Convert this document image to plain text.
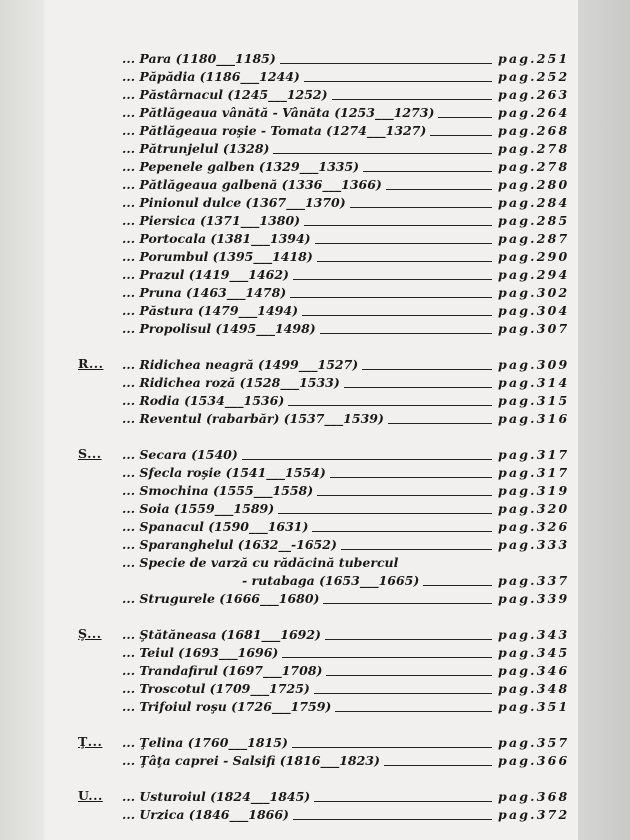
... Para (1180___1185)	pag.251
... Păpădia (1186___1244)	pag.252
... Păstârnacul (1245___1252)	pag.263
... Pătlăgeaua vânătă - Vânăta (1253___1273)	pag.264
... Pătlăgeaua roşie - Tomata (1274___1327)	pag.268
... Pătrunjelul (1328)	pag.278
... Pepenele galben (1329___1335)	pag.278
... Pătlăgeaua galbenă (1336___1366)	pag.280
... Pinionul dulce (1367___1370)	pag.284
... Piersica (1371___1380)	pag.285
... Portocala (1381___1394)	pag.287
... Porumbul (1395___1418)	pag.290
... Prazul (1419___1462)	pag.294
... Pruna (1463___1478)	pag.302
... Păstura (1479___1494)	pag.304
... Propolisul (1495___1498)	pag.307
R... ... Ridichea neagră (1499___1527)	pag.309
... Ridichea roză (1528___1533)	pag.314
... Rodia (1534___1536)	pag.315
... Reventul (rabarbăr) (1537___1539)	pag.316
S... ... Secara (1540)	pag.317
... Sfecla roşie (1541___1554)	pag.317
... Smochina (1555___1558)	pag.319
... Soia (1559___1589)	pag.320
... Spanacul (1590___1631)	pag.326
... Sparanghelul (1632__-1652)	pag.333
... Specie de varză cu rădăcină tubercul
- rutabaga (1653___1665)	pag.337
... Strugurele (1666___1680)	pag.339
Ş... ... Ştătăneasa (1681___1692)	pag.343
... Teiul (1693___1696)	pag.345
... Trandafirul (1697___1708)	pag.346
... Troscotul (1709___1725)	pag.348
... Trifoiul roşu (1726___1759)	pag.351
Ţ... ... Ţelina (1760___1815)	pag.357
... Ţâţa caprei - Salsifi (1816___1823)	pag.366
U... ... Usturoiul (1824___1845)	pag.368
... Urzica (1846___1866)	pag.372
